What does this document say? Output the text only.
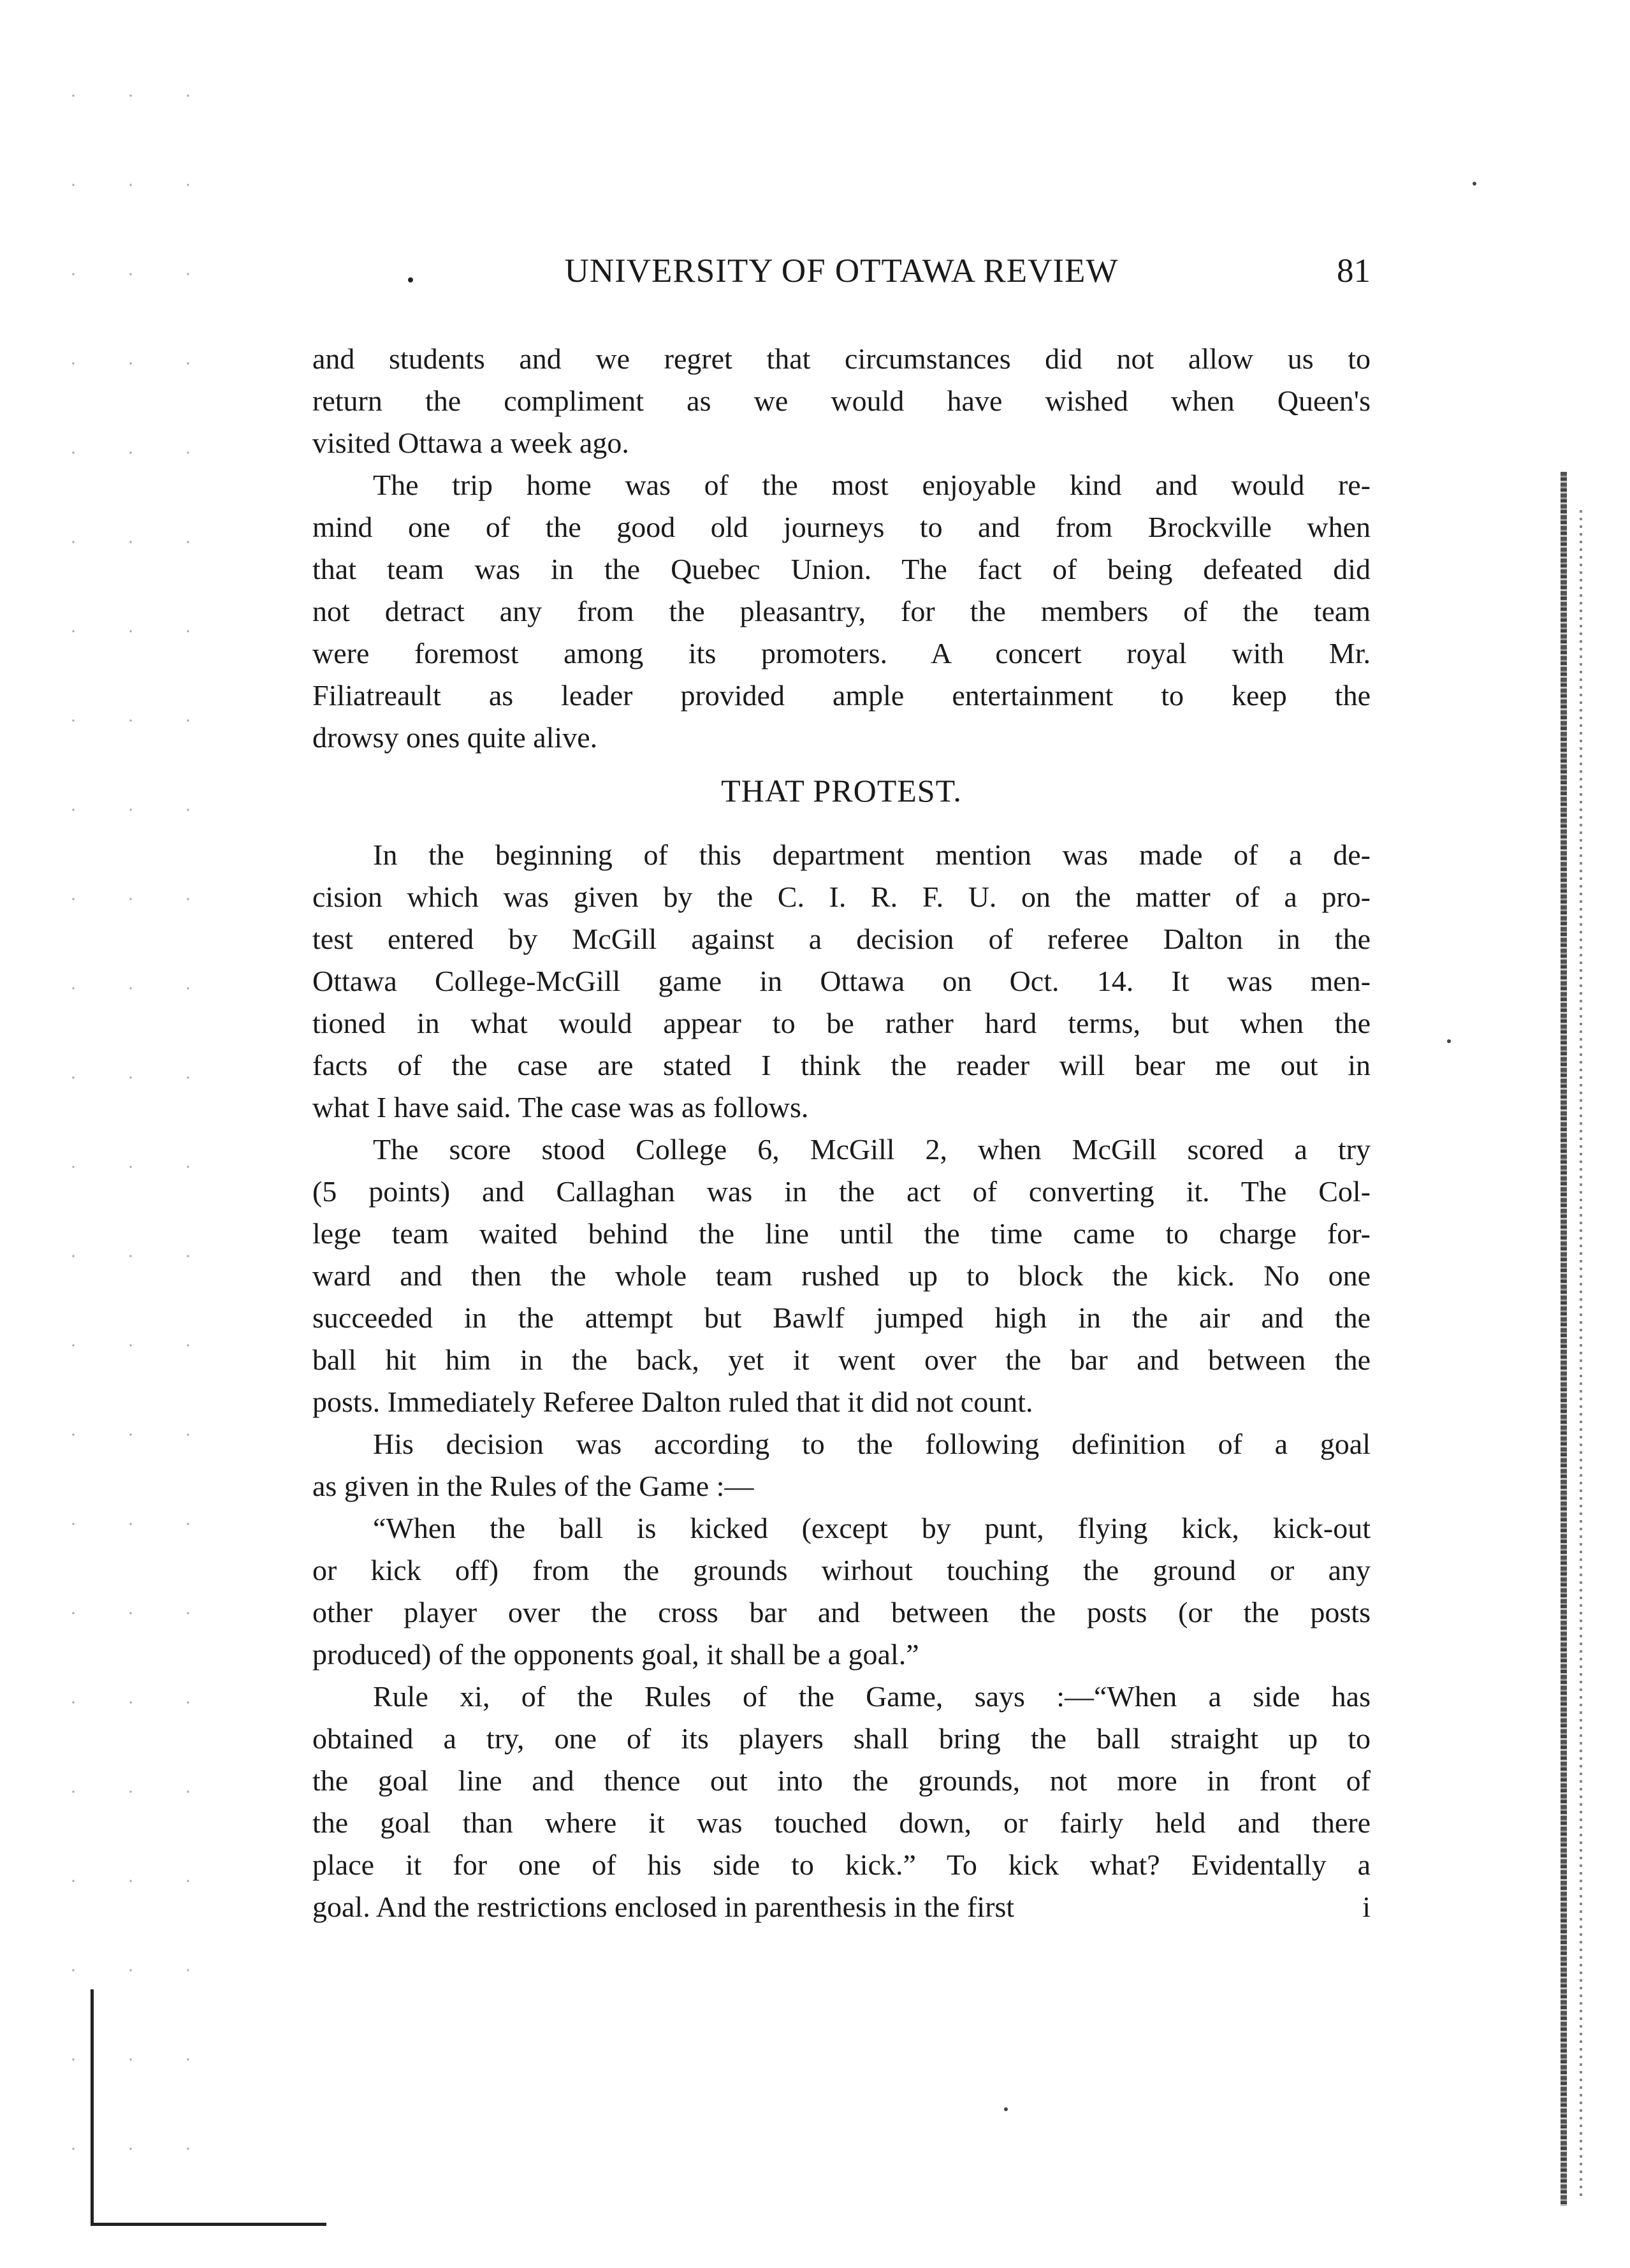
UNIVERSITY OF OTTAWA REVIEW	81
and students and we regret that circumstances did not allow us to
return the compliment as we would have wished when Queen's
visited Ottawa a week ago.
The trip home was of the most enjoyable kind and would re-
mind one of the good old journeys to and from Brockville when
that team was in the Quebec Union. The fact of being defeated did
not detract any from the pleasantry, for the members of the team
were foremost among its promoters. A concert royal with Mr.
Filiatreault as leader provided ample entertainment to keep the
drowsy ones quite alive.
THAT PROTEST.
In the beginning of this department mention was made of a de-
cision which was given by the C. I. R. F. U. on the matter of a pro-
test entered by McGill against a decision of referee Dalton in the
Ottawa College-McGill game in Ottawa on Oct. 14. It was men-
tioned in what would appear to be rather hard terms, but when the
facts of the case are stated I think the reader will bear me out in
what I have said. The case was as follows.
The score stood College 6, McGill 2, when McGill scored a try
(5 points) and Callaghan was in the act of converting it. The Col-
lege team waited behind the line until the time came to charge for-
ward and then the whole team rushed up to block the kick. No one
succeeded in the attempt but Bawlf jumped high in the air and the
ball hit him in the back, yet it went over the bar and between the
posts. Immediately Referee Dalton ruled that it did not count.
His decision was according to the following definition of a goal
as given in the Rules of the Game :—
“When the ball is kicked (except by punt, flying kick, kick-out
or kick off) from the grounds wirhout touching the ground or any
other player over the cross bar and between the posts (or the posts
produced) of the opponents goal, it shall be a goal.”
Rule xi, of the Rules of the Game, says :—“When a side has
obtained a try, one of its players shall bring the ball straight up to
the goal line and thence out into the grounds, not more in front of
the goal than where it was touched down, or fairly held and there
place it for one of his side to kick.” To kick what? Evidentally a
goal. And the restrictions enclosed in parenthesis in the first	i
